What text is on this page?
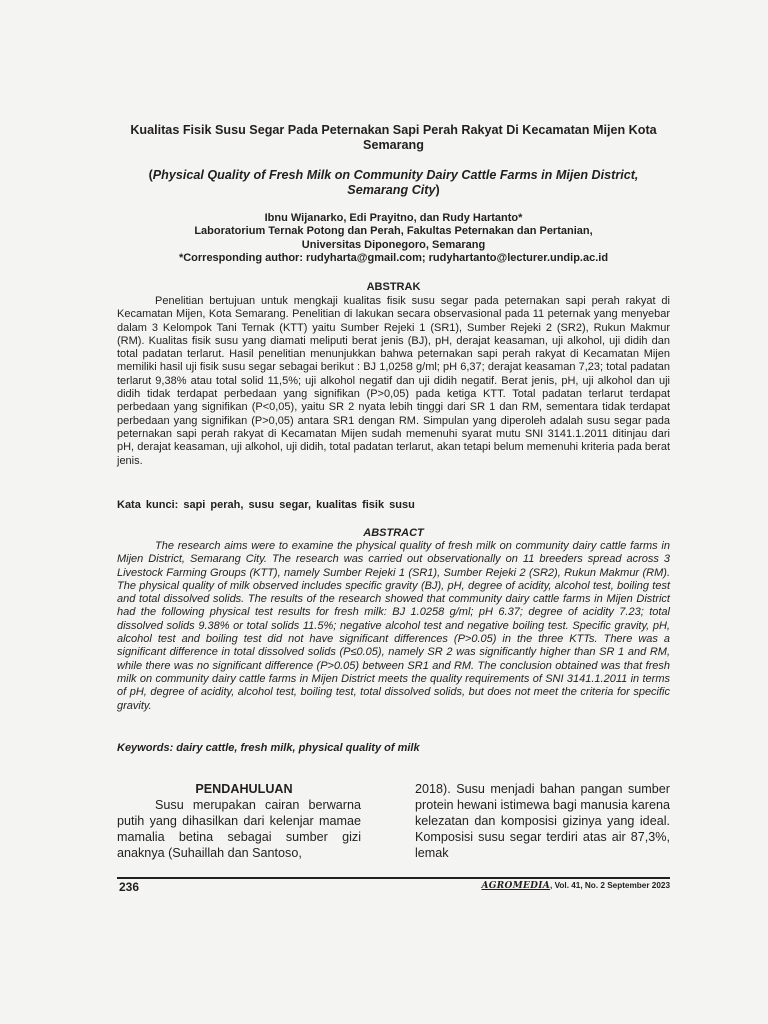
Kualitas Fisik Susu Segar Pada Peternakan Sapi Perah Rakyat Di Kecamatan Mijen Kota Semarang
(Physical Quality of Fresh Milk on Community Dairy Cattle Farms in Mijen District, Semarang City)
Ibnu Wijanarko, Edi Prayitno, dan Rudy Hartanto*
Laboratorium Ternak Potong dan Perah, Fakultas Peternakan dan Pertanian,
Universitas Diponegoro, Semarang
*Corresponding author: rudyharta@gmail.com; rudyhartanto@lecturer.undip.ac.id
ABSTRAK
Penelitian bertujuan untuk mengkaji kualitas fisik susu segar pada peternakan sapi perah rakyat di Kecamatan Mijen, Kota Semarang. Penelitian di lakukan secara observasional pada 11 peternak yang menyebar dalam 3 Kelompok Tani Ternak (KTT) yaitu Sumber Rejeki 1 (SR1), Sumber Rejeki 2 (SR2), Rukun Makmur (RM). Kualitas fisik susu yang diamati meliputi berat jenis (BJ), pH, derajat keasaman, uji alkohol, uji didih dan total padatan terlarut. Hasil penelitian menunjukkan bahwa peternakan sapi perah rakyat di Kecamatan Mijen memiliki hasil uji fisik susu segar sebagai berikut : BJ 1,0258 g/ml; pH 6,37; derajat keasaman 7,23; total padatan terlarut 9,38% atau total solid 11,5%; uji alkohol negatif dan uji didih negatif. Berat jenis, pH, uji alkohol dan uji didih tidak terdapat perbedaan yang signifikan (P>0,05) pada ketiga KTT. Total padatan terlarut terdapat perbedaan yang signifikan (P<0,05), yaitu SR 2 nyata lebih tinggi dari SR 1 dan RM, sementara tidak terdapat perbedaan yang signifikan (P>0,05) antara SR1 dengan RM. Simpulan yang diperoleh adalah susu segar pada peternakan sapi perah rakyat di Kecamatan Mijen sudah memenuhi syarat mutu SNI 3141.1.2011 ditinjau dari pH, derajat keasaman, uji alkohol, uji didih, total padatan terlarut, akan tetapi belum memenuhi kriteria pada berat jenis.
Kata kunci: sapi perah, susu segar, kualitas fisik susu
ABSTRACT
The research aims were to examine the physical quality of fresh milk on community dairy cattle farms in Mijen District, Semarang City. The research was carried out observationally on 11 breeders spread across 3 Livestock Farming Groups (KTT), namely Sumber Rejeki 1 (SR1), Sumber Rejeki 2 (SR2), Rukun Makmur (RM). The physical quality of milk observed includes specific gravity (BJ), pH, degree of acidity, alcohol test, boiling test and total dissolved solids. The results of the research showed that community dairy cattle farms in Mijen District had the following physical test results for fresh milk: BJ 1.0258 g/ml; pH 6.37; degree of acidity 7.23; total dissolved solids 9.38% or total solids 11.5%; negative alcohol test and negative boiling test. Specific gravity, pH, alcohol test and boiling test did not have significant differences (P>0.05) in the three KTTs. There was a significant difference in total dissolved solids (P≤0.05), namely SR 2 was significantly higher than SR 1 and RM, while there was no significant difference (P>0.05) between SR1 and RM. The conclusion obtained was that fresh milk on community dairy cattle farms in Mijen District meets the quality requirements of SNI 3141.1.2011 in terms of pH, degree of acidity, alcohol test, boiling test, total dissolved solids, but does not meet the criteria for specific gravity.
Keywords: dairy cattle, fresh milk, physical quality of milk
PENDAHULUAN
Susu merupakan cairan berwarna putih yang dihasilkan dari kelenjar mamae mamalia betina sebagai sumber gizi anaknya (Suhaillah dan Santoso,
2018). Susu menjadi bahan pangan sumber protein hewani istimewa bagi manusia karena kelezatan dan komposisi gizinya yang ideal. Komposisi susu segar terdiri atas air 87,3%, lemak
236	AGROMEDIA, Vol. 41, No. 2 September 2023
